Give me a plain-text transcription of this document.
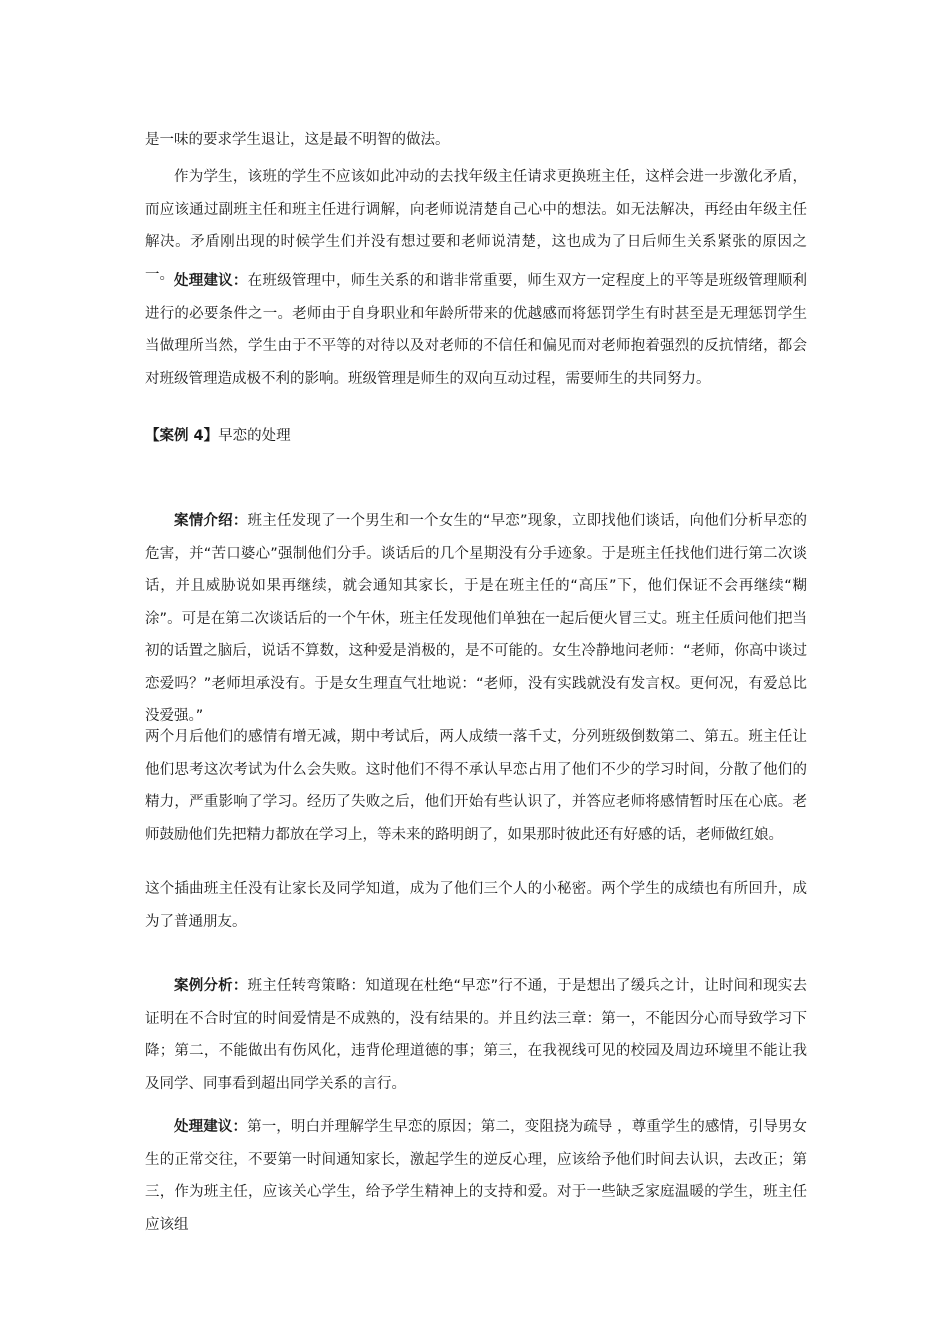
是一味的要求学生退让，这是最不明智的做法。

作为学生，该班的学生不应该如此冲动的去找年级主任请求更换班主任，这样会进一步激化矛盾，而应该通过副班主任和班主任进行调解，向老师说清楚自己心中的想法。如无法解决，再经由年级主任解决。矛盾刚出现的时候学生们并没有想过要和老师说清楚，这也成为了日后师生关系紧张的原因之一。 处理建议：在班级管理中，师生关系的和谐非常重要，师生双方一定程度上的平等是班级管理顺利进行的必要条件之一。老师由于自身职业和年龄所带来的优越感而将惩罚学生有时甚至是无理惩罚学生当做理所当然，学生由于不平等的对待以及对老师的不信任和偏见而对老师抱着强烈的反抗情绪，都会对班级管理造成极不利的影响。班级管理是师生的双向互动过程，需要师生的共同努力。

【案例 4】早恋的处理

案情介绍：班主任发现了一个男生和一个女生的“早恋”现象，立即找他们谈话，向他们分析早恋的危害，并“苦口婆心”强制他们分手。谈话后的几个星期没有分手迹象。于是班主任找他们进行第二次谈话，并且威胁说如果再继续，就会通知其家长，于是在班主任的“高压”下，他们保证不会再继续“糊涂”。可是在第二次谈话后的一个午休，班主任发现他们单独在一起后便火冒三丈。班主任质问他们把当初的话置之脑后，说话不算数，这种爱是消极的，是不可能的。女生冷静地问老师：“老师，你高中谈过恋爱吗？”老师坦承没有。于是女生理直气壮地说：“老师，没有实践就没有发言权。更何况，有爱总比没爱强。”

两个月后他们的感情有增无减，期中考试后，两人成绩一落千丈，分列班级倒数第二、第五。班主任让他们思考这次考试为什么会失败。这时他们不得不承认早恋占用了他们不少的学习时间，分散了他们的精力，严重影响了学习。经历了失败之后，他们开始有些认识了，并答应老师将感情暂时压在心底。老师鼓励他们先把精力都放在学习上，等未来的路明朗了，如果那时彼此还有好感的话，老师做红娘。

这个插曲班主任没有让家长及同学知道，成为了他们三个人的小秘密。两个学生的成绩也有所回升，成为了普通朋友。

案例分析：班主任转弯策略：知道现在杜绝“早恋”行不通，于是想出了缓兵之计，让时间和现实去证明在不合时宜的时间爱情是不成熟的，没有结果的。并且约法三章：第一，不能因分心而导致学习下降；第二，不能做出有伤风化，违背伦理道德的事；第三，在我视线可见的校园及周边环境里不能让我及同学、同事看到超出同学关系的言行。

处理建议：第一，明白并理解学生早恋的原因；第二，变阻挠为疏导 ，尊重学生的感情，引导男女生的正常交往，不要第一时间通知家长，激起学生的逆反心理，应该给予他们时间去认识，去改正；第三，作为班主任，应该关心学生，给予学生精神上的支持和爱。对于一些缺乏家庭温暖的学生，班主任应该组
